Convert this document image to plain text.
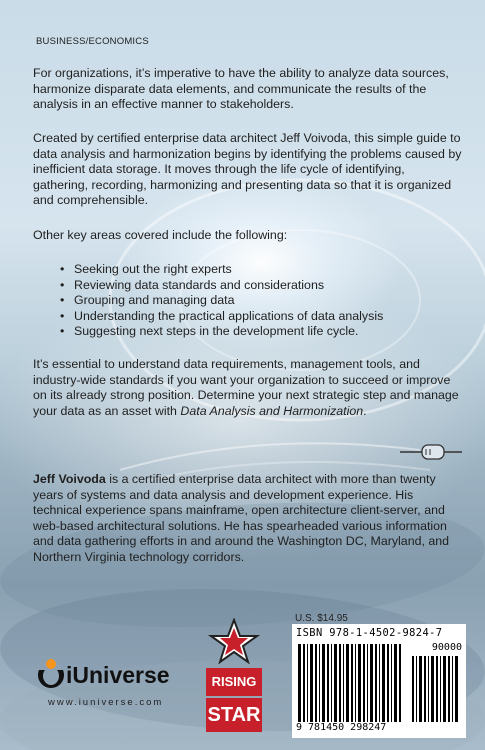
BUSINESS/ECONOMICS
For organizations, it’s imperative to have the ability to analyze data sources, harmonize disparate data elements, and communicate the results of the analysis in an effective manner to stakeholders.
Created by certified enterprise data architect Jeff Voivoda, this simple guide to data analysis and harmonization begins by identifying the problems caused by inefficient data storage. It moves through the life cycle of identifying, gathering, recording, harmonizing and presenting data so that it is organized and comprehensible.
Other key areas covered include the following:
• Seeking out the right experts
• Reviewing data standards and considerations
• Grouping and managing data
• Understanding the practical applications of data analysis
• Suggesting next steps in the development life cycle.
It’s essential to understand data requirements, management tools, and industry-wide standards if you want your organization to succeed or improve on its already strong position. Determine your next strategic step and manage your data as an asset with Data Analysis and Harmonization.
Jeff Voivoda is a certified enterprise data architect with more than twenty years of systems and data analysis and development experience. His technical experience spans mainframe, open architecture client-server, and web-based architectural solutions. He has spearheaded various information and data gathering efforts in and around the Washington DC, Maryland, and Northern Virginia technology corridors.
iUniverse
www.iuniverse.com
RISING
STAR
U.S. $14.95
ISBN 978-1-4502-9824-7
90000
9 781450 298247
